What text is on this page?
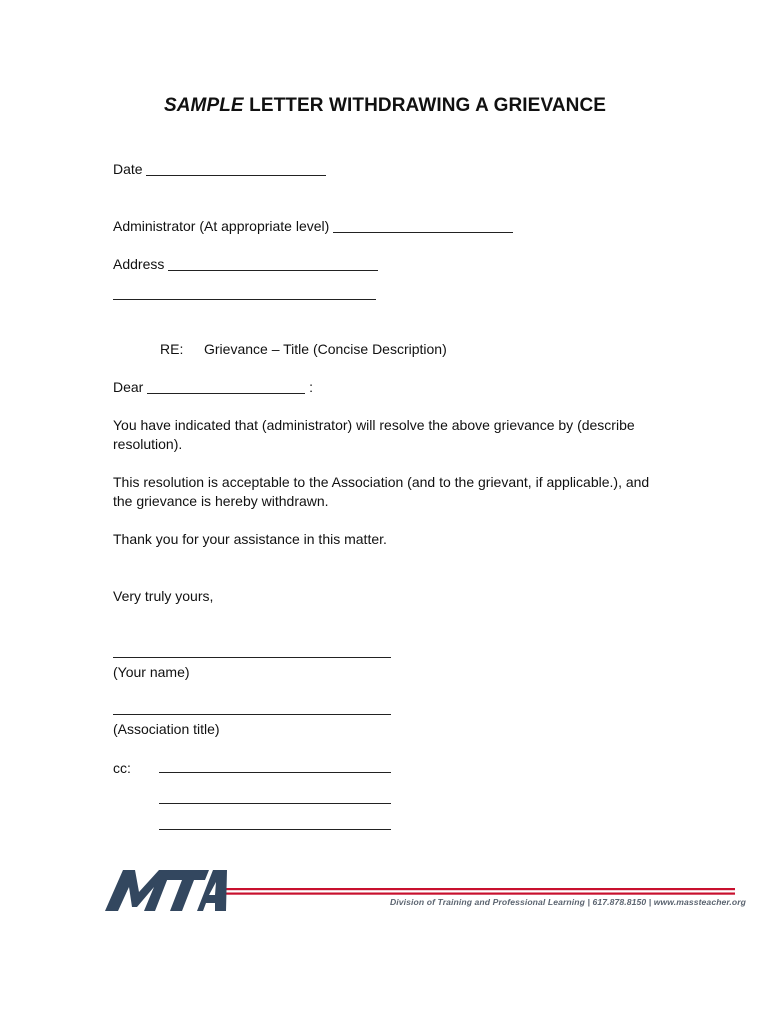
SAMPLE LETTER WITHDRAWING A GRIEVANCE
Date
Administrator (At appropriate level)
Address
RE: Grievance – Title (Concise Description)
Dear	:
You have indicated that (administrator) will resolve the above grievance by (describe resolution).
This resolution is acceptable to the Association (and to the grievant, if applicable.), and the grievance is hereby withdrawn.
Thank you for your assistance in this matter.
Very truly yours,
(Your name)
(Association title)
cc:
Division of Training and Professional Learning | 617.878.8150 | www.massteacher.org
